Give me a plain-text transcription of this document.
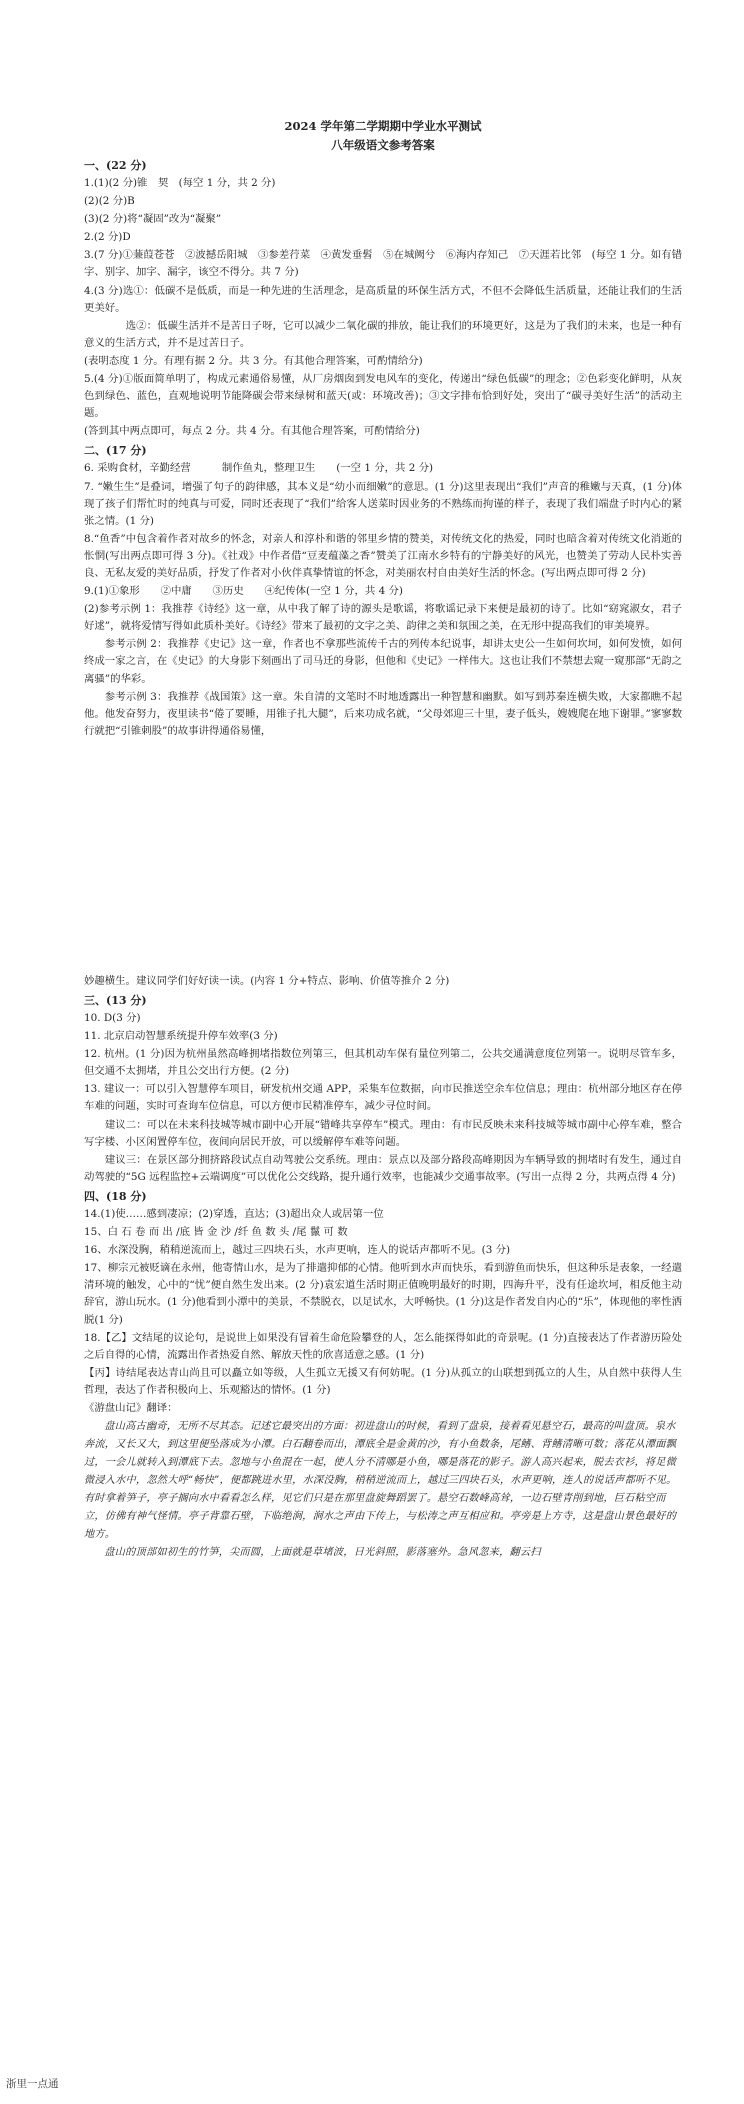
2024 学年第二学期期中学业水平测试

八年级语文参考答案

一、(22 分)

1.(1)(2 分)锥　契　(每空 1 分，共 2 分)

(2)(2 分)B

(3)(2 分)将“凝固”改为“凝聚”

2.(2 分)D

3.(7 分)①蒹葭苍苍　②波撼岳阳城　③参差荇菜　④黄发垂髫　⑤在城阙兮　⑥海内存知己　⑦天涯若比邻　(每空 1 分。如有错字、别字、加字、漏字，该空不得分。共 7 分)

4.(3 分)选①：低碳不是低质，而是一种先进的生活理念，是高质量的环保生活方式，不但不会降低生活质量，还能让我们的生活更美好。

选②：低碳生活并不是苦日子呀，它可以减少二氧化碳的排放，能让我们的环境更好，这是为了我们的未来，也是一种有意义的生活方式，并不是过苦日子。

(表明态度 1 分。有理有据 2 分。共 3 分。有其他合理答案，可酌情给分)

5.(4 分)①版面简单明了，构成元素通俗易懂，从厂房烟囱到发电风车的变化，传递出“绿色低碳”的理念；②色彩变化鲜明，从灰色到绿色、蓝色，直观地说明节能降碳会带来绿树和蓝天(或：环境改善)；③文字排布恰到好处，突出了“碳寻美好生活”的活动主题。

(答到其中两点即可，每点 2 分。共 4 分。有其他合理答案，可酌情给分)

二、(17 分)

6. 采购食材，辛勤经营　　　制作鱼丸，整理卫生　　(一空 1 分，共 2 分)

7. “嫩生生”是叠词，增强了句子的韵律感，其本义是“幼小而细嫩”的意思。(1 分)这里表现出“我们”声音的稚嫩与天真，(1 分)体现了孩子们帮忙时的纯真与可爱，同时还表现了“我们”给客人送菜时因业务的不熟练而拘谨的样子，表现了我们端盘子时内心的紧张之情。(1 分)

8.“鱼香”中包含着作者对故乡的怀念，对亲人和淳朴和谐的邻里乡情的赞美，对传统文化的热爱，同时也暗含着对传统文化消逝的怅惘(写出两点即可得 3 分)。《社戏》中作者借“豆麦蕴藻之香”赞美了江南水乡特有的宁静美好的风光，也赞美了劳动人民朴实善良、无私友爱的美好品质，抒发了作者对小伙伴真挚情谊的怀念，对美丽农村自由美好生活的怀念。(写出两点即可得 2 分)

9.(1)①象形　　②中庸　　③历史　　④纪传体(一空 1 分，共 4 分)

(2)参考示例 1：我推荐《诗经》这一章，从中我了解了诗的源头是歌谣，将歌谣记录下来便是最初的诗了。比如“窈窕淑女，君子好逑”，就将爱情写得如此质朴美好。《诗经》带来了最初的文字之美、韵律之美和氛围之美，在无形中提高我们的审美境界。

参考示例 2：我推荐《史记》这一章，作者也不拿那些流传千古的列传本纪说事，却讲太史公一生如何坎坷，如何发愤，如何终成一家之言，在《史记》的大身影下刻画出了司马迁的身影，但他和《史记》一样伟大。这也让我们不禁想去窥一窥那部“无韵之离骚”的华彩。

参考示例 3：我推荐《战国策》这一章。朱自清的文笔时不时地透露出一种智慧和幽默。如写到苏秦连横失败，大家都瞧不起他。他发奋努力，夜里读书“倦了要睡，用锥子扎大腿”，后来功成名就，“父母郊迎三十里，妻子低头，嫂嫂爬在地下谢罪。”寥寥数行就把“引锥刺股”的故事讲得通俗易懂，

妙趣横生。建议同学们好好读一读。(内容 1 分+特点、影响、价值等推介 2 分)

三、(13 分)

10. D(3 分)

11. 北京启动智慧系统提升停车效率(3 分)

12. 杭州。(1 分)因为杭州虽然高峰拥堵指数位列第三，但其机动车保有量位列第二，公共交通满意度位列第一。说明尽管车多，但交通不太拥堵，并且公交出行方便。(2 分)

13. 建议一：可以引入智慧停车项目，研发杭州交通 APP，采集车位数据，向市民推送空余车位信息；理由：杭州部分地区存在停车难的问题，实时可查询车位信息，可以方便市民精准停车，减少寻位时间。

建议二：可以在未来科技城等城市副中心开展“错峰共享停车”模式。理由：有市民反映未来科技城等城市副中心停车难，整合写字楼、小区闲置停车位，夜间向居民开放，可以缓解停车难等问题。

建议三：在景区部分拥挤路段试点自动驾驶公交系统。理由：景点以及部分路段高峰期因为车辆导致的拥堵时有发生，通过自动驾驶的“5G 远程监控+云端调度”可以优化公交线路，提升通行效率，也能减少交通事故率。(写出一点得 2 分，共两点得 4 分)

四、(18 分)

14.(1)使……感到凄凉；(2)穿透，直达；(3)超出众人或居第一位

15、白 石 卷 而 出 /底 皆 金 沙 /纤 鱼 数 头 /尾 鬣 可 数

16、水深没胸，稍稍逆流而上，越过三四块石头，水声更响，连人的说话声都听不见。(3 分)

17、柳宗元被贬谪在永州，他寄情山水，是为了排遣抑郁的心情。他听到水声而快乐，看到游鱼而快乐，但这种乐是表象，一经遣清环境的触发，心中的“忧”便自然生发出来。(2 分)袁宏道生活时期正值晚明最好的时期，四海升平，没有任途坎坷，相反他主动辞官，游山玩水。(1 分)他看到小潭中的美景，不禁脱衣，以足试水，大呼畅快。(1 分)这是作者发自内心的“乐”，体现他的率性洒脱(1 分)

18.【乙】文结尾的议论句，是说世上如果没有冒着生命危险攀登的人，怎么能探得如此的奇景呢。(1 分)直接表达了作者游历险处之后自得的心情，流露出作者热爱自然、解放天性的欣喜适意之感。(1 分)

【丙】诗结尾表达青山尚且可以矗立如等级，人生孤立无援又有何妨呢。(1 分)从孤立的山联想到孤立的人生，从自然中获得人生哲理，表达了作者积极向上、乐观豁达的情怀。(1 分)

《游盘山记》翻译：

盘山高古幽奇，无所不尽其态。记述它最突出的方面：初进盘山的时候，看到了盘泉，接着看见悬空石，最高的叫盘顶。泉水奔流，又长又大，到这里便坠落成为小潭。白石翻卷而出，潭底全是金黄的沙，有小鱼数条，尾鳍、背鳍清晰可数；落花从潭面飘过，一会儿就转入到潭底下去。忽地与小鱼混在一起，使人分不清哪是小鱼，哪是落花的影子。游人高兴起来，脱去衣衫，将足微微浸入水中，忽然大呼“畅快”，便都跳进水里，水深没胸，稍稍逆流而上，越过三四块石头，水声更响，连人的说话声都听不见。有时拿着笋子，亭子搁向水中看看怎么样，见它们只是在那里盘旋舞蹈罢了。悬空石数峰高耸，一边石壁青削到地，巨石粘空而立，仿佛有神气怪情。亭子背靠石壁，下临绝涧，涧水之声由下传上，与松涛之声互相应和。亭旁是上方寺，这是盘山景色最好的地方。

盘山的顶部如初生的竹笋，尖而圆，上面就是草堵波，日光斜照，影落塞外。急风忽来，翻云扫

浙里一点通
